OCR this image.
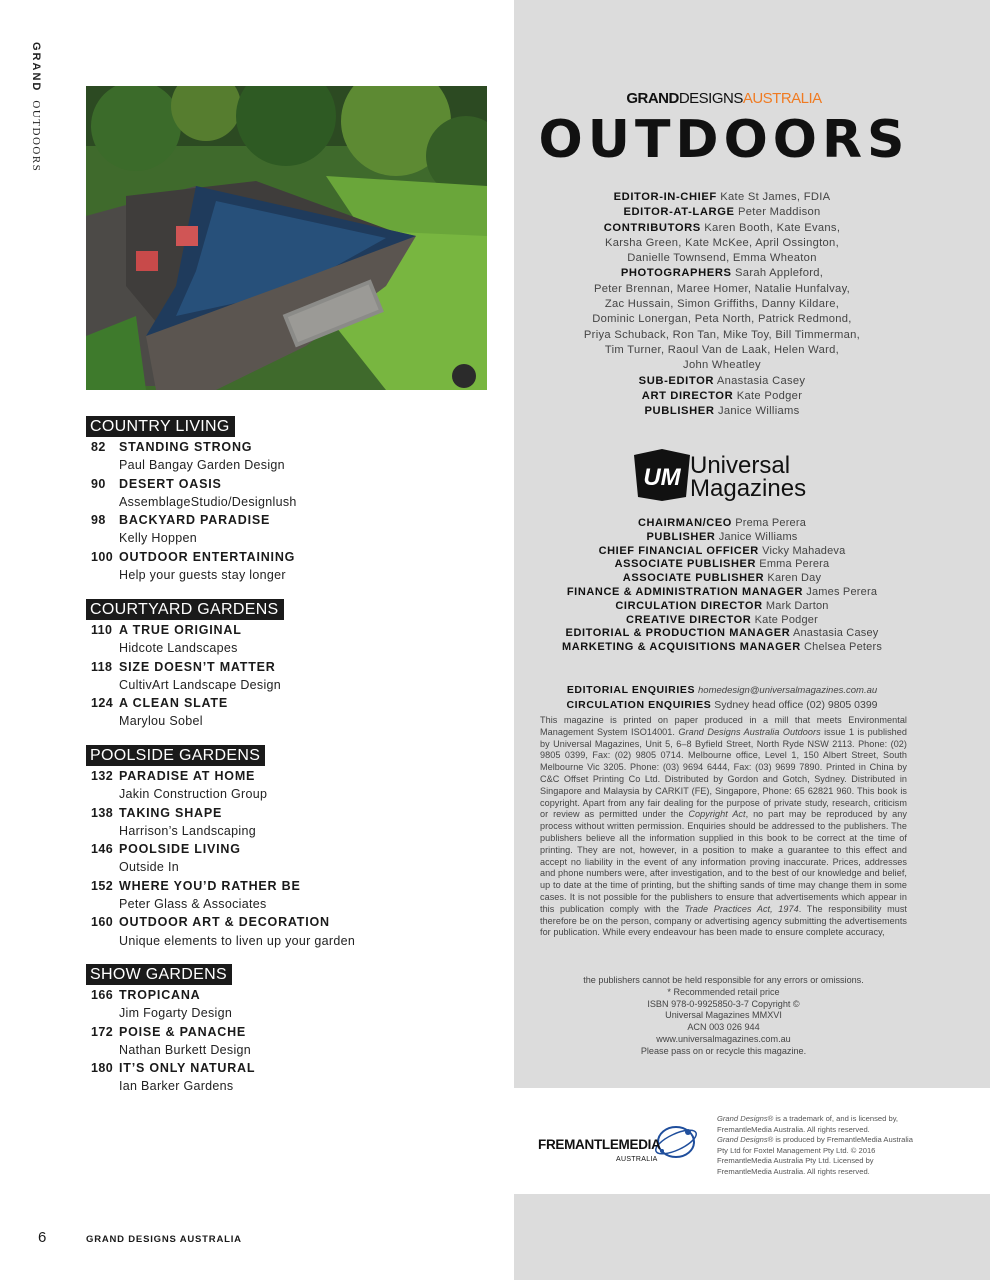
GRAND OUTDOORS
COUNTRY LIVING
82	STANDING STRONG
Paul Bangay Garden Design
90	DESERT OASIS
AssemblageStudio/Designlush
98	BACKYARD PARADISE
Kelly Hoppen
100 OUTDOOR ENTERTAINING
Help your guests stay longer
COURTYARD GARDENS
110 A TRUE ORIGINAL
Hidcote Landscapes
118 SIZE DOESN’T MATTER
CultivArt Landscape Design
124 A CLEAN SLATE
Marylou Sobel
POOLSIDE GARDENS
132 PARADISE AT HOME
Jakin Construction Group
138 TAKING SHAPE
Harrison’s Landscaping
146 POOLSIDE LIVING
Outside In
152 WHERE YOU’D RATHER BE
Peter Glass & Associates
160 OUTDOOR ART & DECORATION
Unique elements to liven up your garden
SHOW GARDENS
166 TROPICANA
Jim Fogarty Design
172 POISE & PANACHE
Nathan Burkett Design
180 IT’S ONLY NATURAL
Ian Barker Gardens
6	GRAND DESIGNS AUSTRALIA
GRANDDESIGNSAUSTRALIA
OUTDOORS
EDITOR-IN-CHIEF Kate St James, FDIA
EDITOR-AT-LARGE Peter Maddison
CONTRIBUTORS Karen Booth, Kate Evans,
Karsha Green, Kate McKee, April Ossington,
Danielle Townsend, Emma Wheaton
PHOTOGRAPHERS Sarah Appleford,
Peter Brennan, Maree Homer, Natalie Hunfalvay,
Zac Hussain, Simon Griffiths, Danny Kildare,
Dominic Lonergan, Peta North, Patrick Redmond,
Priya Schuback, Ron Tan, Mike Toy, Bill Timmerman,
Tim Turner, Raoul Van de Laak, Helen Ward,
John Wheatley
SUB-EDITOR Anastasia Casey
ART DIRECTOR Kate Podger
PUBLISHER Janice Williams
UM Universal
Magazines
CHAIRMAN/CEO Prema Perera
PUBLISHER Janice Williams
CHIEF FINANCIAL OFFICER Vicky Mahadeva
ASSOCIATE PUBLISHER Emma Perera
ASSOCIATE PUBLISHER Karen Day
FINANCE & ADMINISTRATION MANAGER James Perera
CIRCULATION DIRECTOR Mark Darton
CREATIVE DIRECTOR Kate Podger
EDITORIAL & PRODUCTION MANAGER Anastasia Casey
MARKETING & ACQUISITIONS MANAGER Chelsea Peters
EDITORIAL ENQUIRIES homedesign@universalmagazines.com.au
CIRCULATION ENQUIRIES Sydney head office (02) 9805 0399
This magazine is printed on paper produced in a mill that meets Environmental Management System ISO14001. Grand Designs Australia Outdoors issue 1 is published by Universal Magazines, Unit 5, 6–8 Byfield Street, North Ryde NSW 2113. Phone: (02) 9805 0399, Fax: (02) 9805 0714. Melbourne office, Level 1, 150 Albert Street, South Melbourne Vic 3205. Phone: (03) 9694 6444, Fax: (03) 9699 7890. Printed in China by C&C Offset Printing Co Ltd. Distributed by Gordon and Gotch, Sydney. Distributed in Singapore and Malaysia by CARKIT (FE), Singapore, Phone: 65 62821 960. This book is copyright. Apart from any fair dealing for the purpose of private study, research, criticism or review as permitted under the Copyright Act, no part may be reproduced by any process without written permission. Enquiries should be addressed to the publishers. The publishers believe all the information supplied in this book to be correct at the time of printing. They are not, however, in a position to make a guarantee to this effect and accept no liability in the event of any information proving inaccurate. Prices, addresses and phone numbers were, after investigation, and to the best of our knowledge and belief, up to date at the time of printing, but the shifting sands of time may change them in some cases. It is not possible for the publishers to ensure that advertisements which appear in this publication comply with the Trade Practices Act, 1974. The responsibility must therefore be on the person, company or advertising agency submitting the advertisements for publication. While every endeavour has been made to ensure complete accuracy,
the publishers cannot be held responsible for any errors or omissions.
* Recommended retail price
ISBN 978-0-9925850-3-7 Copyright ©
Universal Magazines MMXVI
ACN 003 026 944
www.universalmagazines.com.au
Please pass on or recycle this magazine.
FREMANTLEMEDIA
AUSTRALIA
Grand Designs® is a trademark of, and is licensed by, FremantleMedia Australia. All rights reserved.
Grand Designs® is produced by FremantleMedia Australia Pty Ltd for Foxtel Management Pty Ltd. © 2016 FremantleMedia Australia Pty Ltd. Licensed by FremantleMedia Australia. All rights reserved.
